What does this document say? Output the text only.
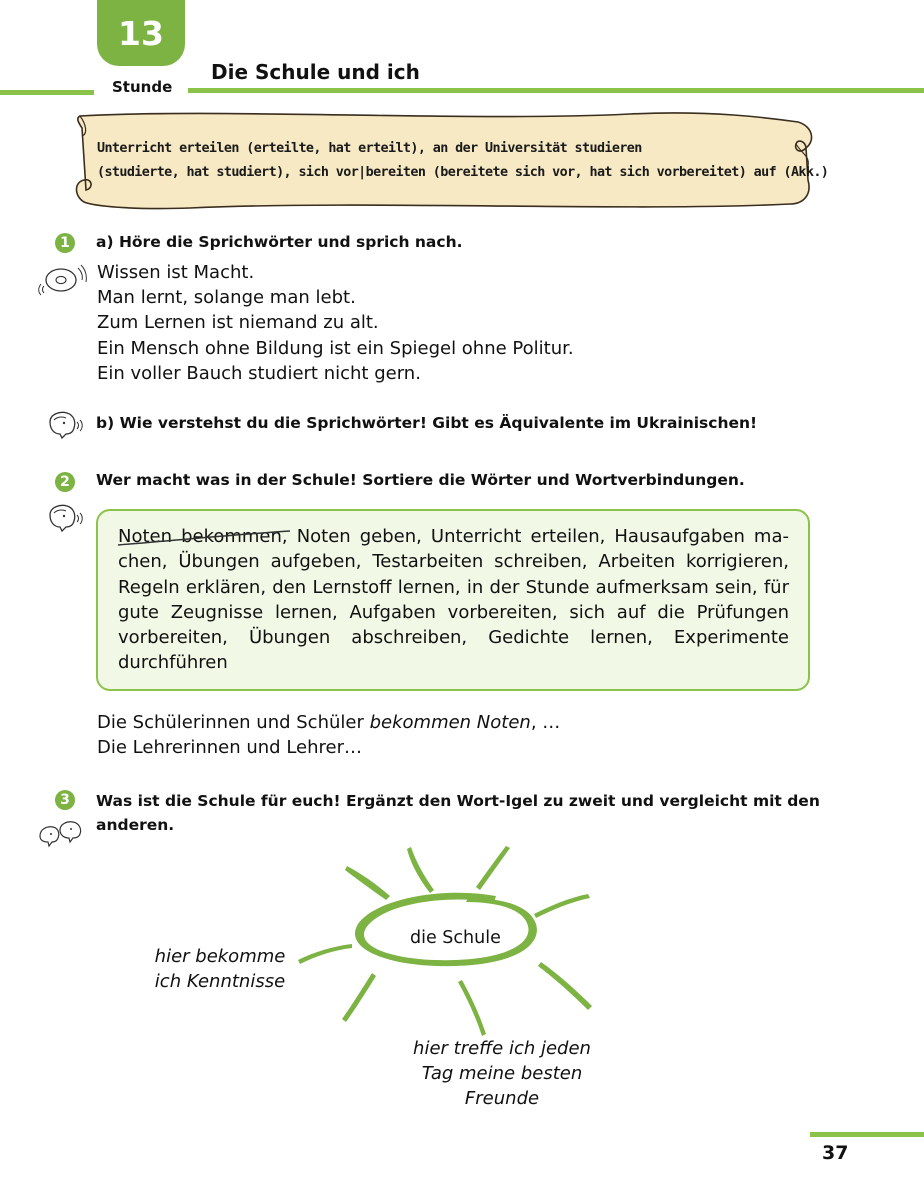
13
Stunde
Die Schule und ich
Unterricht erteilen (erteilte, hat erteilt), an der Universität studieren
(studierte, hat studiert), sich vor|bereiten (bereitete sich vor, hat sich vorbereitet) auf (Akk.)
1 a) Höre die Sprichwörter und sprich nach.
Wissen ist Macht.
Man lernt, solange man lebt.
Zum Lernen ist niemand zu alt.
Ein Mensch ohne Bildung ist ein Spiegel ohne Politur.
Ein voller Bauch studiert nicht gern.
b) Wie verstehst du die Sprichwörter! Gibt es Äquivalente im Ukrainischen!
2 Wer macht was in der Schule! Sortiere die Wörter und Wortverbindungen.
Noten bekommen
, Noten geben, Unterricht erteilen, Hausaufgaben machen, Übungen aufgeben, Testarbeiten schreiben, Arbeiten korrigieren, Regeln erklären, den Lernstoff lernen, in der Stunde aufmerksam sein, für gute Zeugnisse lernen, Aufgaben vorbereiten, sich auf die Prüfungen vorbereiten, Übungen abschreiben, Gedichte lernen, Experimente durchführen
Die Schülerinnen und Schüler bekommen Noten, …
Die Lehrerinnen und Lehrer…
3 Was ist die Schule für euch! Ergänzt den Wort-Igel zu zweit und vergleicht mit den
anderen.
die Schule
hier bekomme
ich Kenntnisse
hier treffe ich jeden
Tag meine besten
Freunde
37
